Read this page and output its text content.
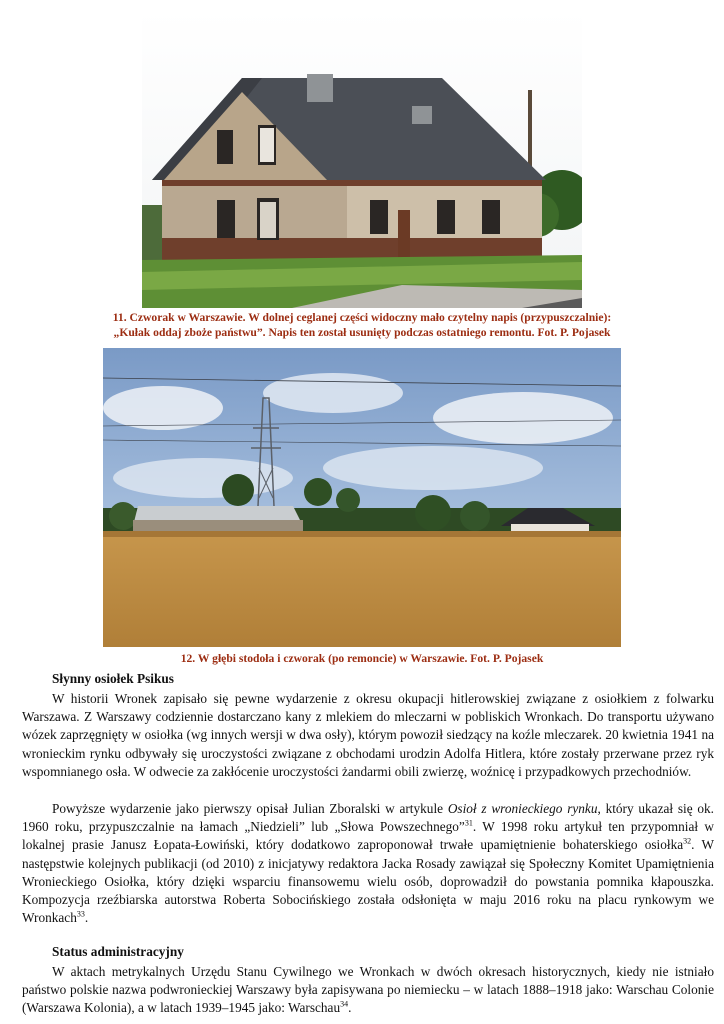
11. Czworak w Warszawie. W dolnej ceglanej części widoczny mało czytelny napis (przypuszczalnie):
„Kułak oddaj zboże państwu”. Napis ten został usunięty podczas ostatniego remontu. Fot. P. Pojasek
12. W głębi stodoła i czworak (po remoncie) w Warszawie. Fot. P. Pojasek
Słynny osiołek Psikus
W historii Wronek zapisało się pewne wydarzenie z okresu okupacji hitlerowskiej związane z osiołkiem z folwarku Warszawa. Z Warszawy codziennie dostarczano kany z mlekiem do mleczarni w pobliskich Wronkach. Do transportu używano wózek zaprzęgnięty w osiołka (wg innych wersji w dwa osły), którym powoził siedzący na koźle mleczarek. 20 kwietnia 1941 na wronieckim rynku odbywały się uroczystości związane z obchodami urodzin Adolfa Hitlera, które zostały przerwane przez ryk wspomnianego osła. W odwecie za zakłócenie uroczystości żandarmi obili zwierzę, woźnicę i przypadkowych przechodniów.
Powyższe wydarzenie jako pierwszy opisał Julian Zboralski w artykule Osioł z wronieckiego rynku, który ukazał się ok. 1960 roku, przypuszczalnie na łamach „Niedzieli” lub „Słowa Powszechnego”$^{31}$. W 1998 roku artykuł ten przypomniał w lokalnej prasie Janusz Łopata-Łowiński, który dodatkowo zaproponował trwałe upamiętnienie bohaterskiego osiołka$^{32}$. W następstwie kolejnych publikacji (od 2010) z inicjatywy redaktora Jacka Rosady zawiązał się Społeczny Komitet Upamiętnienia Wronieckiego Osiołka, który dzięki wsparciu finansowemu wielu osób, doprowadził do powstania pomnika kłapouszka. Kompozycja rzeźbiarska autorstwa Roberta Sobocińskiego została odsłonięta w maju 2016 roku na placu rynkowym we Wronkach$^{33}$.
Status administracyjny
W aktach metrykalnych Urzędu Stanu Cywilnego we Wronkach w dwóch okresach historycznych, kiedy nie istniało państwo polskie nazwa podwronieckiej Warszawy była zapisywana po niemiecku – w latach 1888–1918 jako: Warschau Colonie (Warszawa Kolonia), a w latach 1939–1945 jako: Warschau$^{34}$.
